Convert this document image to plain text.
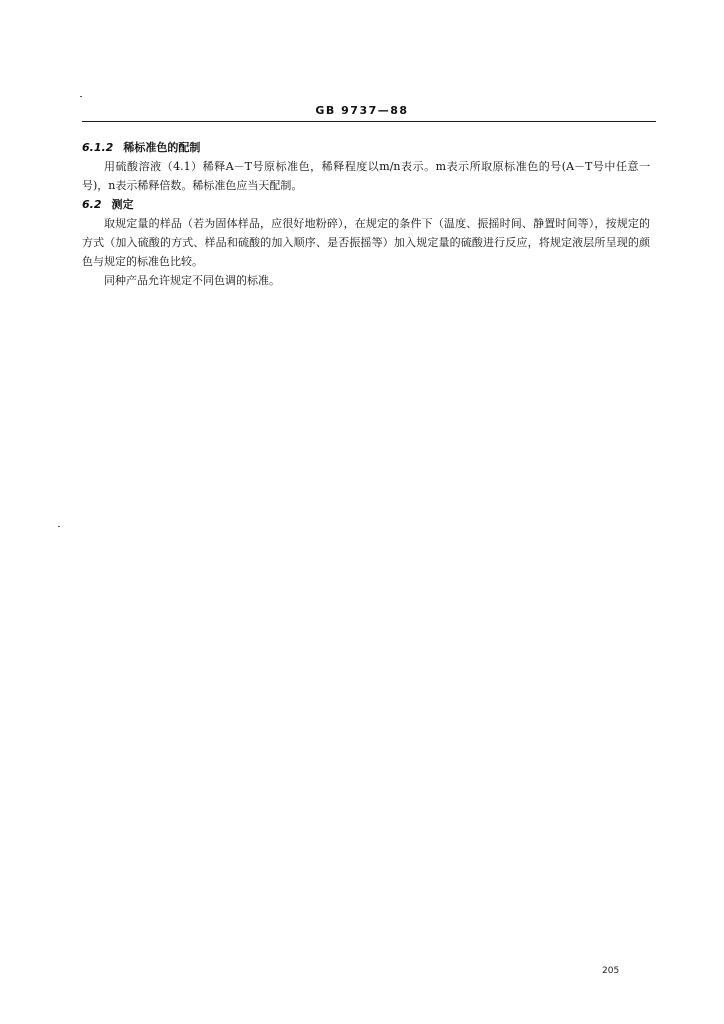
GB 9737—88

6.1.2 稀标准色的配制

用硫酸溶液（4.1）稀释A－T号原标准色，稀释程度以m/n表示。m表示所取原标准色的号(A－T号中任意一号)，n表示稀释倍数。稀标准色应当天配制。

6.2 测定

取规定量的样品（若为固体样品，应很好地粉碎），在规定的条件下（温度、振摇时间、静置时间等），按规定的方式（加入硫酸的方式、样品和硫酸的加入顺序、是否振摇等）加入规定量的硫酸进行反应，将规定液层所呈现的颜色与规定的标准色比较。

同种产品允许规定不同色调的标准。

205
